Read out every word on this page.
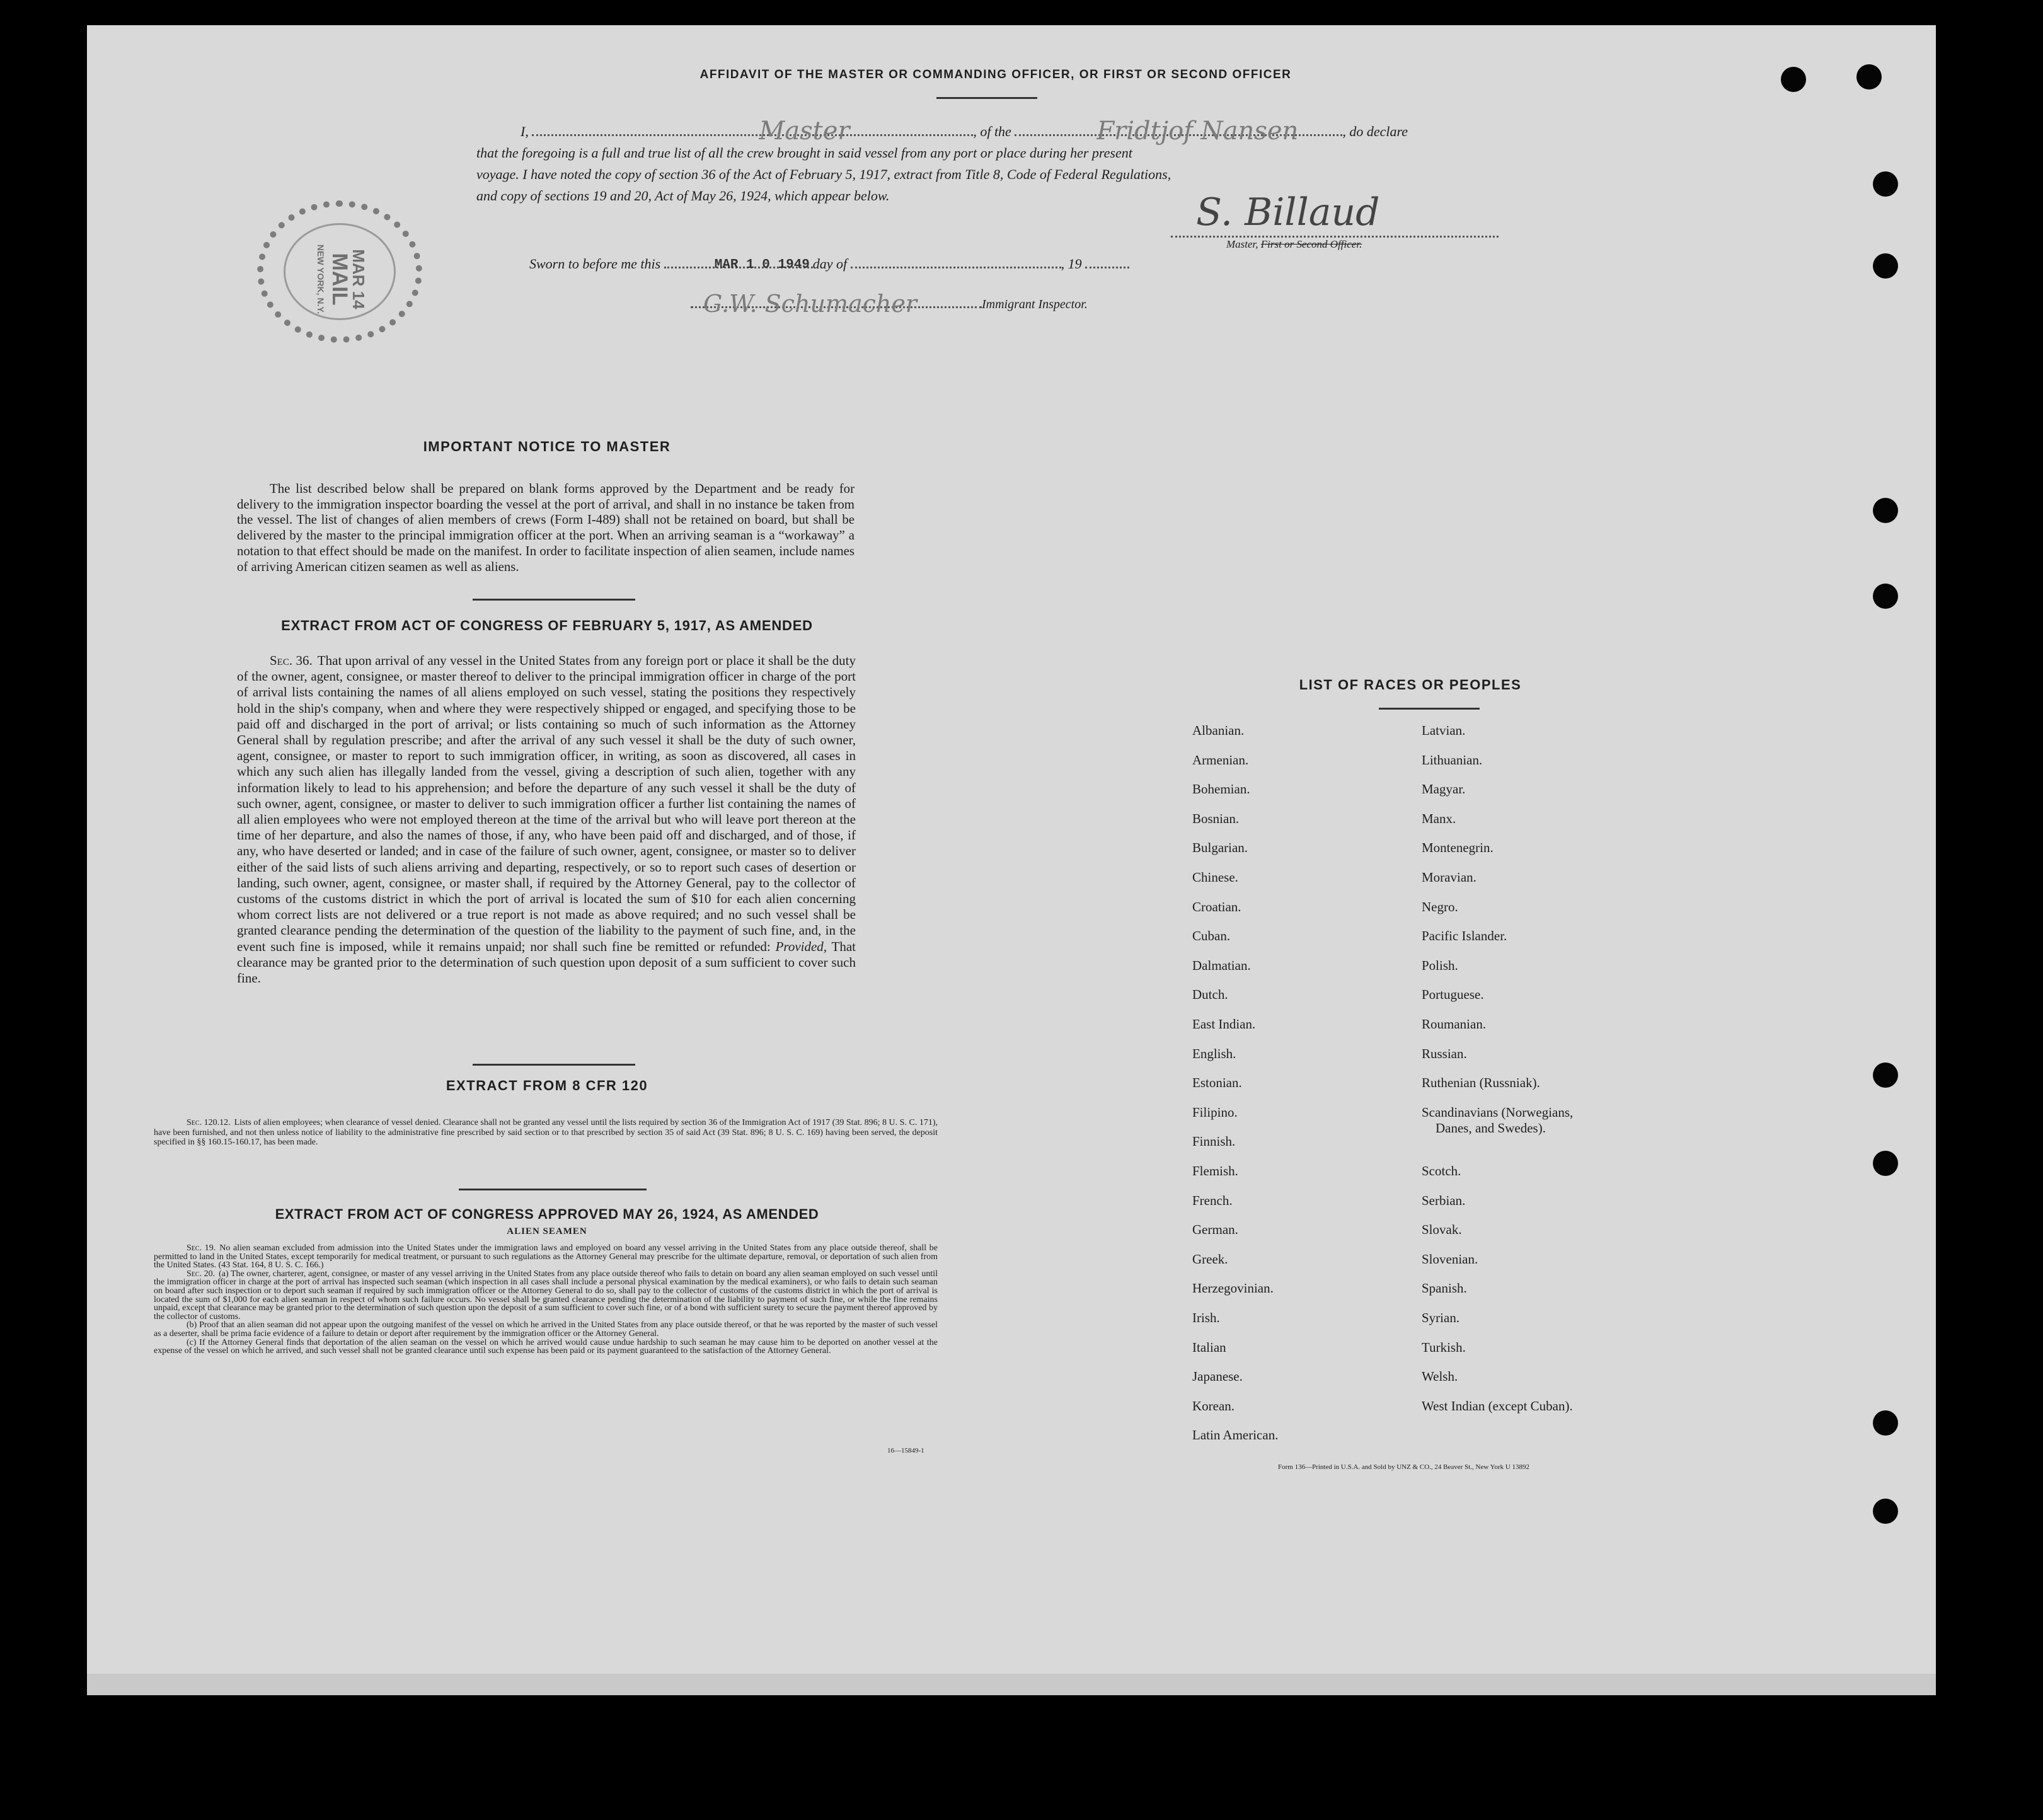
MAR 14
MAIL
NEW YORK, N.Y.
AFFIDAVIT OF THE MASTER OR COMMANDING OFFICER, OR FIRST OR SECOND OFFICER
I,	Master	, of the	Fridtjof Nansen	, do declare
that the foregoing is a full and true list of all the crew brought in said vessel from any port or place during her present
voyage. I have noted the copy of section 36 of the Act of February 5, 1917, extract from Title 8, Code of Federal Regulations,
and copy of sections 19 and 20, Act of May 26, 1924, which appear below.	S. Billaud
Master, First or Second Officer.
Sworn to before me this	MAR 1 0 1949 day of	, 19
G.W. Schumacher	Immigrant Inspector.
IMPORTANT NOTICE TO MASTER
The list described below shall be prepared on blank forms approved by the Department and be ready for delivery to the immigration inspector boarding the vessel at the port of arrival, and shall in no instance be taken from the vessel. The list of changes of alien members of crews (Form I-489) shall not be retained on board, but shall be delivered by the master to the principal immigration officer at the port. When an arriving seaman is a “workaway” a notation to that effect should be made on the manifest. In order to facilitate inspection of alien seamen, include names of arriving American citizen seamen as well as aliens.
EXTRACT FROM ACT OF CONGRESS OF FEBRUARY 5, 1917, AS AMENDED
Sec. 36. That upon arrival of any vessel in the United States from any foreign port or place it shall be the duty of the owner, agent, consignee, or master thereof to deliver to the principal immigration officer in charge of the port of arrival lists containing the names of all aliens employed on such vessel, stating the positions they respectively hold in the ship's company, when and where they were respectively shipped or engaged, and specifying those to be paid off and discharged in the port of arrival; or lists containing so much of such information as the Attorney General shall by regulation prescribe; and after the arrival of any such vessel it shall be the duty of such owner, agent, consignee, or master to report to such immigration officer, in writing, as soon as discovered, all cases in which any such alien has illegally landed from the vessel, giving a description of such alien, together with any information likely to lead to his apprehension; and before the departure of any such vessel it shall be the duty of such owner, agent, consignee, or master to deliver to such immigration officer a further list containing the names of all alien employees who were not employed thereon at the time of the arrival but who will leave port thereon at the time of her departure, and also the names of those, if any, who have been paid off and discharged, and of those, if any, who have deserted or landed; and in case of the failure of such owner, agent, consignee, or master so to deliver either of the said lists of such aliens arriving and departing, respectively, or so to report such cases of desertion or landing, such owner, agent, consignee, or master shall, if required by the Attorney General, pay to the collector of customs of the customs district in which the port of arrival is located the sum of $10 for each alien concerning whom correct lists are not delivered or a true report is not made as above required; and no such vessel shall be granted clearance pending the determination of the question of the liability to the payment of such fine, and, in the event such fine is imposed, while it remains unpaid; nor shall such fine be remitted or refunded: Provided, That clearance may be granted prior to the determination of such question upon deposit of a sum sufficient to cover such fine.
EXTRACT FROM 8 CFR 120
Sec. 120.12. Lists of alien employees; when clearance of vessel denied. Clearance shall not be granted any vessel until the lists required by section 36 of the Immigration Act of 1917 (39 Stat. 896; 8 U. S. C. 171), have been furnished, and not then unless notice of liability to the administrative fine prescribed by said section or to that prescribed by section 35 of said Act (39 Stat. 896; 8 U. S. C. 169) having been served, the deposit specified in §§ 160.15-160.17, has been made.
EXTRACT FROM ACT OF CONGRESS APPROVED MAY 26, 1924, AS AMENDED
ALIEN SEAMEN
Sec. 19. No alien seaman excluded from admission into the United States under the immigration laws and employed on board any vessel arriving in the United States from any place outside thereof, shall be permitted to land in the United States, except temporarily for medical treatment, or pursuant to such regulations as the Attorney General may prescribe for the ultimate departure, removal, or deportation of such alien from the United States. (43 Stat. 164, 8 U. S. C. 166.)
Sec. 20. (a) The owner, charterer, agent, consignee, or master of any vessel arriving in the United States from any place outside thereof who fails to detain on board any alien seaman employed on such vessel until the immigration officer in charge at the port of arrival has inspected such seaman (which inspection in all cases shall include a personal physical examination by the medical examiners), or who fails to detain such seaman on board after such inspection or to deport such seaman if required by such immigration officer or the Attorney General to do so, shall pay to the collector of customs of the customs district in which the port of arrival is located the sum of $1,000 for each alien seaman in respect of whom such failure occurs. No vessel shall be granted clearance pending the determination of the liability to payment of such fine, or while the fine remains unpaid, except that clearance may be granted prior to the determination of such question upon the deposit of a sum sufficient to cover such fine, or of a bond with sufficient surety to secure the payment thereof approved by the collector of customs.
(b) Proof that an alien seaman did not appear upon the outgoing manifest of the vessel on which he arrived in the United States from any place outside thereof, or that he was reported by the master of such vessel as a deserter, shall be prima facie evidence of a failure to detain or deport after requirement by the immigration officer or the Attorney General.
(c) If the Attorney General finds that deportation of the alien seaman on the vessel on which he arrived would cause undue hardship to such seaman he may cause him to be deported on another vessel at the expense of the vessel on which he arrived, and such vessel shall not be granted clearance until such expense has been paid or its payment guaranteed to the satisfaction of the Attorney General.
16—15849-1
LIST OF RACES OR PEOPLES
Albanian.
Armenian.
Bohemian.
Bosnian.
Bulgarian.
Chinese.
Croatian.
Cuban.
Dalmatian.
Dutch.
East Indian.
English.
Estonian.
Filipino.
Finnish.
Flemish.
French.
German.
Greek.
Herzegovinian.
Irish.
Italian
Japanese.
Korean.
Latin American.
Latvian.
Lithuanian.
Magyar.
Manx.
Montenegrin.
Moravian.
Negro.
Pacific Islander.
Polish.
Portuguese.
Roumanian.
Russian.
Ruthenian (Russniak).
Scandinavians (Norwegians,
Danes, and Swedes).
Scotch.
Serbian.
Slovak.
Slovenian.
Spanish.
Syrian.
Turkish.
Welsh.
West Indian (except Cuban).
Form 136—Printed in U.S.A. and Sold by UNZ & CO., 24 Beaver St., New York U 13892
